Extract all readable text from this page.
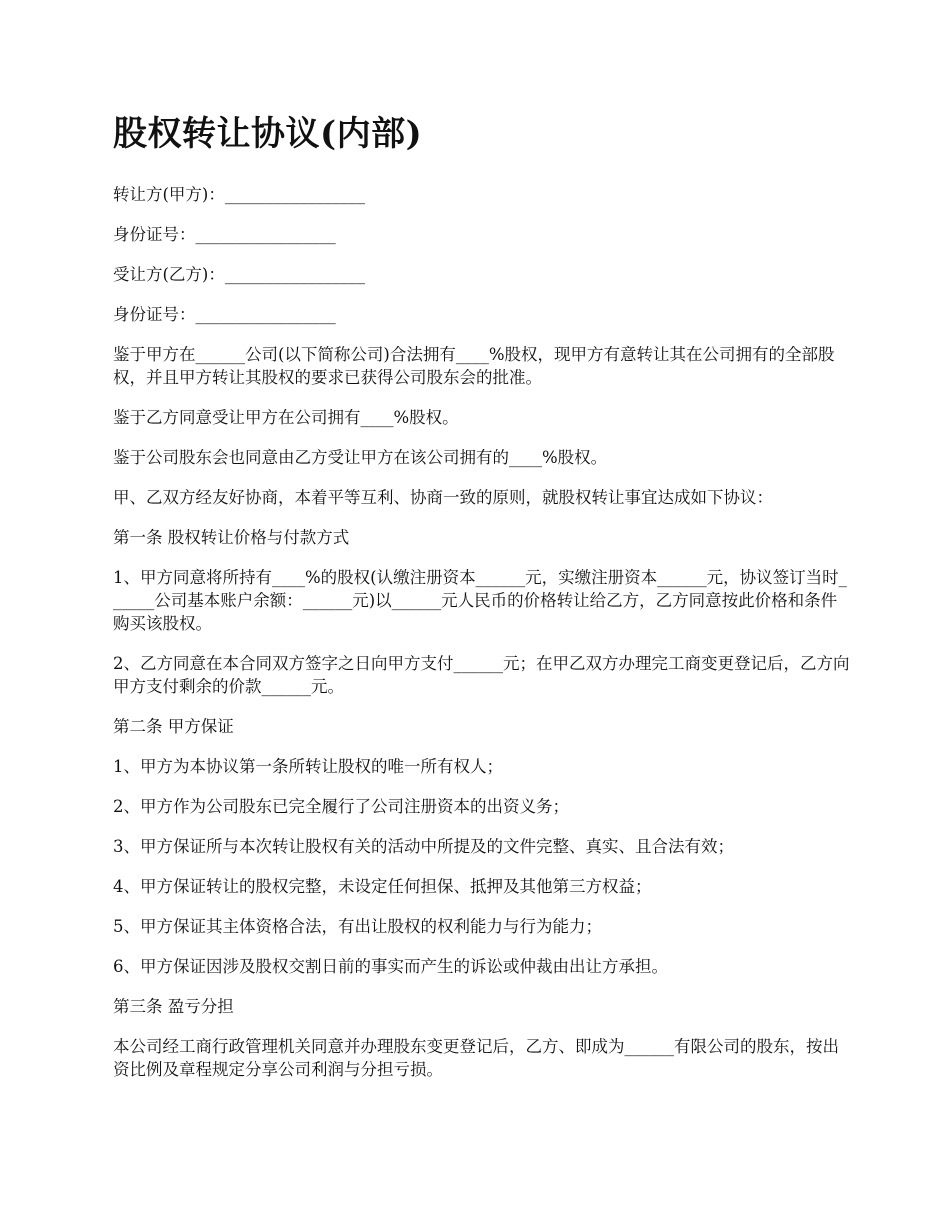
股权转让协议(内部)

转让方(甲方)：_________________

身份证号：_________________

受让方(乙方)：_________________

身份证号：_________________

鉴于甲方在______公司(以下简称公司)合法拥有____%股权，现甲方有意转让其在公司拥有的全部股权，并且甲方转让其股权的要求已获得公司股东会的批准。

鉴于乙方同意受让甲方在公司拥有____%股权。

鉴于公司股东会也同意由乙方受让甲方在该公司拥有的____%股权。

甲、乙双方经友好协商，本着平等互利、协商一致的原则，就股权转让事宜达成如下协议：

第一条 股权转让价格与付款方式

1、甲方同意将所持有____%的股权(认缴注册资本______元，实缴注册资本______元，协议签订当时______公司基本账户余额：______元)以______元人民币的价格转让给乙方，乙方同意按此价格和条件购买该股权。

2、乙方同意在本合同双方签字之日向甲方支付______元；在甲乙双方办理完工商变更登记后，乙方向甲方支付剩余的价款______元。

第二条 甲方保证

1、甲方为本协议第一条所转让股权的唯一所有权人；

2、甲方作为公司股东已完全履行了公司注册资本的出资义务；

3、甲方保证所与本次转让股权有关的活动中所提及的文件完整、真实、且合法有效；

4、甲方保证转让的股权完整，未设定任何担保、抵押及其他第三方权益；

5、甲方保证其主体资格合法，有出让股权的权利能力与行为能力；

6、甲方保证因涉及股权交割日前的事实而产生的诉讼或仲裁由出让方承担。

第三条 盈亏分担

本公司经工商行政管理机关同意并办理股东变更登记后，乙方、即成为______有限公司的股东，按出资比例及章程规定分享公司利润与分担亏损。
